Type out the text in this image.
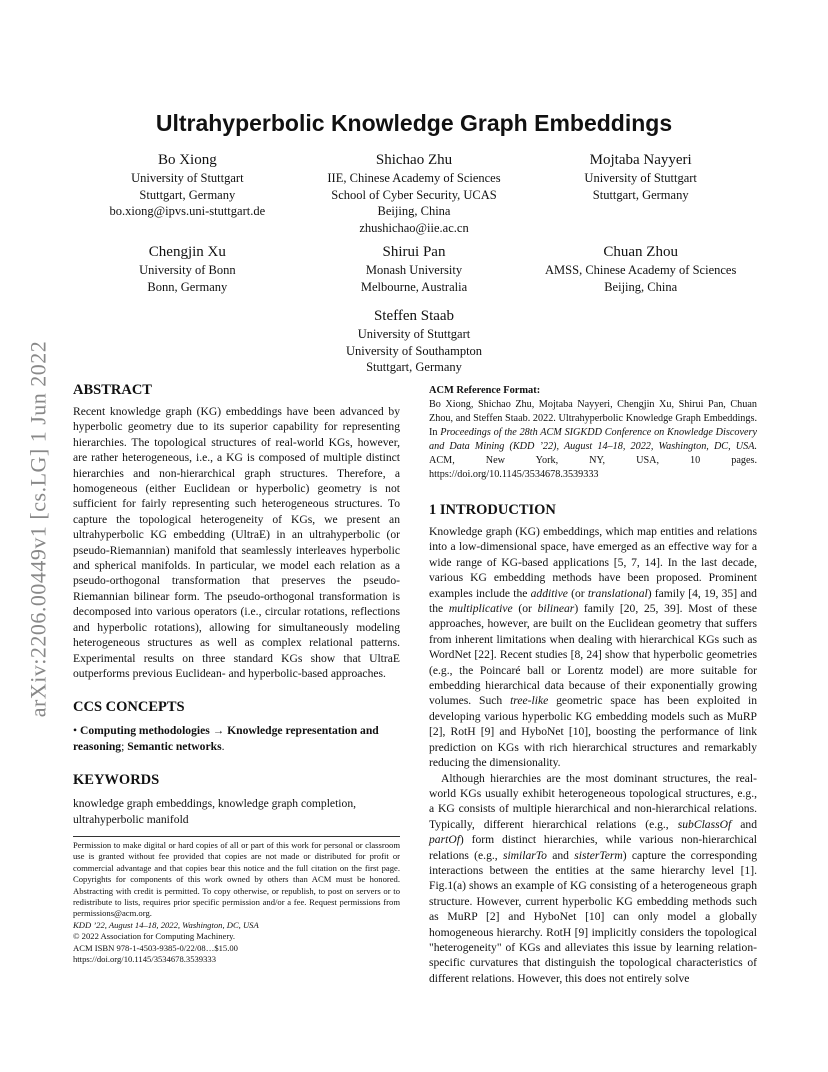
arXiv:2206.00449v1 [cs.LG] 1 Jun 2022
Ultrahyperbolic Knowledge Graph Embeddings
Bo Xiong
University of Stuttgart
Stuttgart, Germany
bo.xiong@ipvs.uni-stuttgart.de
Shichao Zhu
IIE, Chinese Academy of Sciences
School of Cyber Security, UCAS
Beijing, China
zhushichao@iie.ac.cn
Mojtaba Nayyeri
University of Stuttgart
Stuttgart, Germany
Chengjin Xu
University of Bonn
Bonn, Germany
Shirui Pan
Monash University
Melbourne, Australia
Chuan Zhou
AMSS, Chinese Academy of Sciences
Beijing, China
Steffen Staab
University of Stuttgart
University of Southampton
Stuttgart, Germany
ABSTRACT

Recent knowledge graph (KG) embeddings have been advanced by hyperbolic geometry due to its superior capability for representing hierarchies. The topological structures of real-world KGs, however, are rather heterogeneous, i.e., a KG is composed of multiple distinct hierarchies and non-hierarchical graph structures. Therefore, a homogeneous (either Euclidean or hyperbolic) geometry is not sufficient for fairly representing such heterogeneous structures. To capture the topological heterogeneity of KGs, we present an ultrahyperbolic KG embedding (UltraE) in an ultrahyperbolic (or pseudo-Riemannian) manifold that seamlessly interleaves hyperbolic and spherical manifolds. In particular, we model each relation as a pseudo-orthogonal transformation that preserves the pseudo-Riemannian bilinear form. The pseudo-orthogonal transformation is decomposed into various operators (i.e., circular rotations, reflections and hyperbolic rotations), allowing for simultaneously modeling heterogeneous structures as well as complex relational patterns. Experimental results on three standard KGs show that UltraE outperforms previous Euclidean- and hyperbolic-based approaches.

CCS CONCEPTS

• Computing methodologies → Knowledge representation and reasoning; Semantic networks.

KEYWORDS

knowledge graph embeddings, knowledge graph completion, ultrahyperbolic manifold

Permission to make digital or hard copies of all or part of this work for personal or classroom use is granted without fee provided that copies are not made or distributed for profit or commercial advantage and that copies bear this notice and the full citation on the first page. Copyrights for components of this work owned by others than ACM must be honored. Abstracting with credit is permitted. To copy otherwise, or republish, to post on servers or to redistribute to lists, requires prior specific permission and/or a fee. Request permissions from permissions@acm.org.

KDD ’22, August 14–18, 2022, Washington, DC, USA

© 2022 Association for Computing Machinery.

ACM ISBN 978-1-4503-9385-0/22/08…$15.00

https://doi.org/10.1145/3534678.3539333

ACM Reference Format:

Bo Xiong, Shichao Zhu, Mojtaba Nayyeri, Chengjin Xu, Shirui Pan, Chuan Zhou, and Steffen Staab. 2022. Ultrahyperbolic Knowledge Graph Embeddings. In Proceedings of the 28th ACM SIGKDD Conference on Knowledge Discovery and Data Mining (KDD ’22), August 14–18, 2022, Washington, DC, USA. ACM, New York, NY, USA, 10 pages. https://doi.org/10.1145/3534678.3539333

1 INTRODUCTION

Knowledge graph (KG) embeddings, which map entities and relations into a low-dimensional space, have emerged as an effective way for a wide range of KG-based applications [5, 7, 14]. In the last decade, various KG embedding methods have been proposed. Prominent examples include the additive (or translational) family [4, 19, 35] and the multiplicative (or bilinear) family [20, 25, 39]. Most of these approaches, however, are built on the Euclidean geometry that suffers from inherent limitations when dealing with hierarchical KGs such as WordNet [22]. Recent studies [8, 24] show that hyperbolic geometries (e.g., the Poincaré ball or Lorentz model) are more suitable for embedding hierarchical data because of their exponentially growing volumes. Such tree-like geometric space has been exploited in developing various hyperbolic KG embedding models such as MuRP [2], RotH [9] and HyboNet [10], boosting the performance of link prediction on KGs with rich hierarchical structures and remarkably reducing the dimensionality.

Although hierarchies are the most dominant structures, the real-world KGs usually exhibit heterogeneous topological structures, e.g., a KG consists of multiple hierarchical and non-hierarchical relations. Typically, different hierarchical relations (e.g., subClassOf and partOf) form distinct hierarchies, while various non-hierarchical relations (e.g., similarTo and sisterTerm) capture the corresponding interactions between the entities at the same hierarchy level [1]. Fig.1(a) shows an example of KG consisting of a heterogeneous graph structure. However, current hyperbolic KG embedding methods such as MuRP [2] and HyboNet [10] can only model a globally homogeneous hierarchy. RotH [9] implicitly considers the topological "heterogeneity" of KGs and alleviates this issue by learning relation-specific curvatures that distinguish the topological characteristics of different relations. However, this does not entirely solve
